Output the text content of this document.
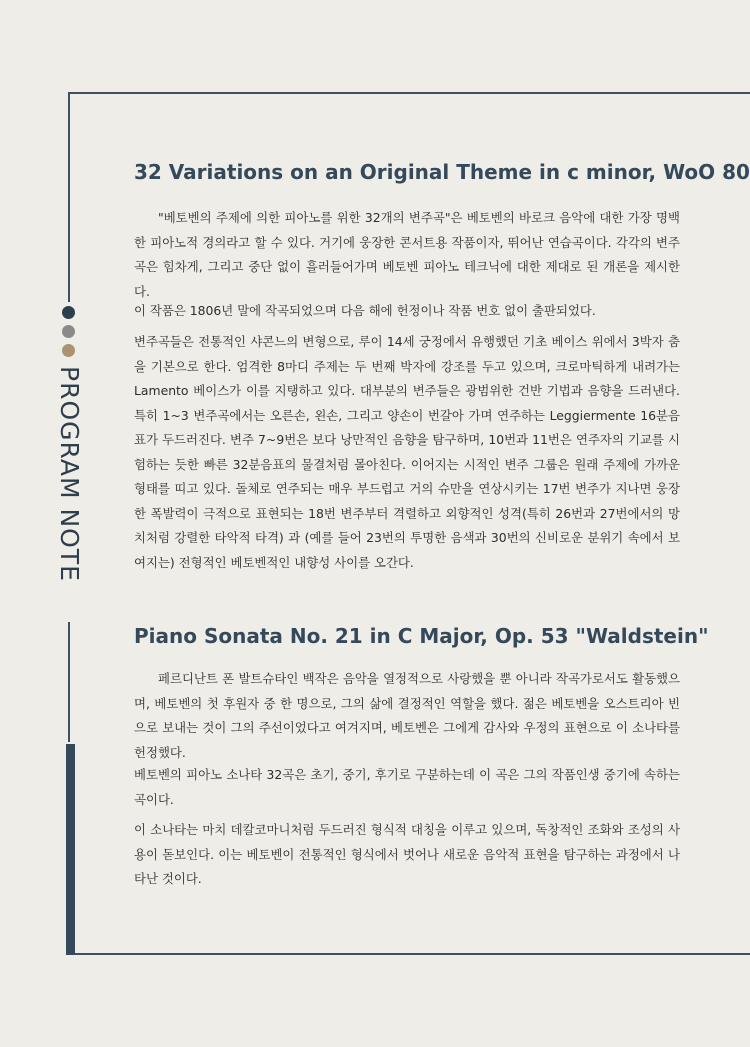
PROGRAM NOTE
32 Variations on an Original Theme in c minor, WoO 80

"베토벤의 주제에 의한 피아노를 위한 32개의 변주곡"은 베토벤의 바로크 음악에 대한 가장 명백한 피아노적 경의라고 할 수 있다. 거기에 웅장한 콘서트용 작품이자, 뛰어난 연습곡이다. 각각의 변주곡은 힘차게, 그리고 중단 없이 흘러들어가며 베토벤 피아노 테크닉에 대한 제대로 된 개론을 제시한다.

이 작품은 1806년 말에 작곡되었으며 다음 해에 헌정이나 작품 번호 없이 출판되었다.

변주곡들은 전통적인 샤콘느의 변형으로, 루이 14세 궁정에서 유행했던 기초 베이스 위에서 3박자 춤을 기본으로 한다. 엄격한 8마디 주제는 두 번째 박자에 강조를 두고 있으며, 크로마틱하게 내려가는 Lamento 베이스가 이를 지탱하고 있다. 대부분의 변주들은 광범위한 건반 기법과 음향을 드러낸다. 특히 1~3 변주곡에서는 오른손, 왼손, 그리고 양손이 번갈아 가며 연주하는 Leggiermente 16분음표가 두드러진다. 변주 7~9번은 보다 낭만적인 음향을 탐구하며, 10번과 11번은 연주자의 기교를 시험하는 듯한 빠른 32분음표의 물결처럼 몰아친다. 이어지는 시적인 변주 그룹은 원래 주제에 가까운 형태를 띠고 있다. 돌체로 연주되는 매우 부드럽고 거의 슈만을 연상시키는 17번 변주가 지나면 웅장한 폭발력이 극적으로 표현되는 18번 변주부터 격렬하고 외향적인 성격(특히 26번과 27번에서의 망치처럼 강렬한 타악적 타격) 과 (예를 들어 23번의 투명한 음색과 30번의 신비로운 분위기 속에서 보여지는) 전형적인 베토벤적인 내향성 사이를 오간다.

Piano Sonata No. 21 in C Major, Op. 53 "Waldstein"

페르디난트 폰 발트슈타인 백작은 음악을 열정적으로 사랑했을 뿐 아니라 작곡가로서도 활동했으며, 베토벤의 첫 후원자 중 한 명으로, 그의 삶에 결정적인 역할을 했다. 젊은 베토벤을 오스트리아 빈으로 보내는 것이 그의 주선이었다고 여겨지며, 베토벤은 그에게 감사와 우정의 표현으로 이 소나타를 헌정했다.

베토벤의 피아노 소나타 32곡은 초기, 중기, 후기로 구분하는데 이 곡은 그의 작품인생 중기에 속하는 곡이다.

이 소나타는 마치 데칼코마니처럼 두드러진 형식적 대칭을 이루고 있으며, 독창적인 조화와 조성의 사용이 돋보인다. 이는 베토벤이 전통적인 형식에서 벗어나 새로운 음악적 표현을 탐구하는 과정에서 나타난 것이다.
